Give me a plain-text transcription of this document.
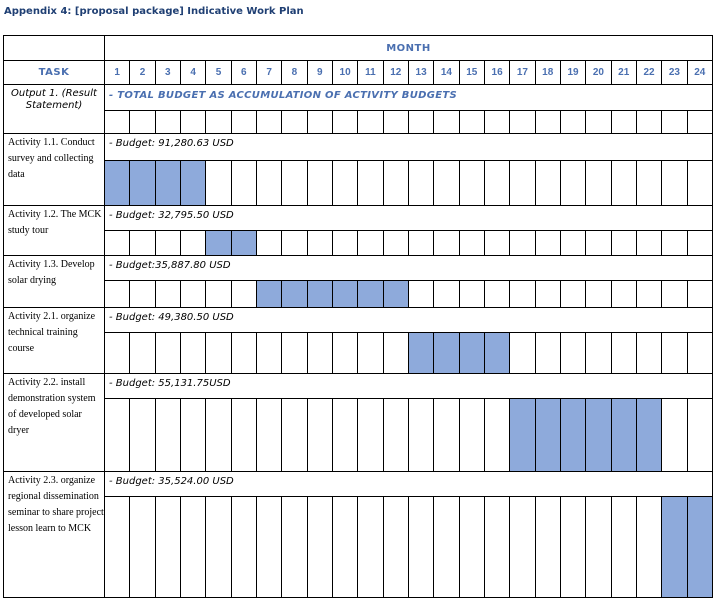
Appendix 4: [proposal package] Indicative Work Plan
	MONTH																							
TASK	1	2	3	4	5	6	7	8	9	10	11	12	13	14	15	16	17	18	19	20	21	22	23	24
Output 1. (Result Statement)	- TOTAL BUDGET AS ACCUMULATION OF ACTIVITY BUDGETS																							

Activity 1.1. Conduct survey and collecting data	- Budget: 91,280.63 USD																							

Activity 1.2. The MCK study tour	- Budget: 32,795.50 USD																							

Activity 1.3. Develop solar drying	- Budget:35,887.80 USD																							

Activity 2.1. organize technical training course	- Budget: 49,380.50 USD																							

Activity 2.2. install demonstration system of developed solar dryer	- Budget: 55,131.75USD																							

Activity 2.3. organize regional dissemination seminar to share project lesson learn to MCK	- Budget: 35,524.00 USD																							
